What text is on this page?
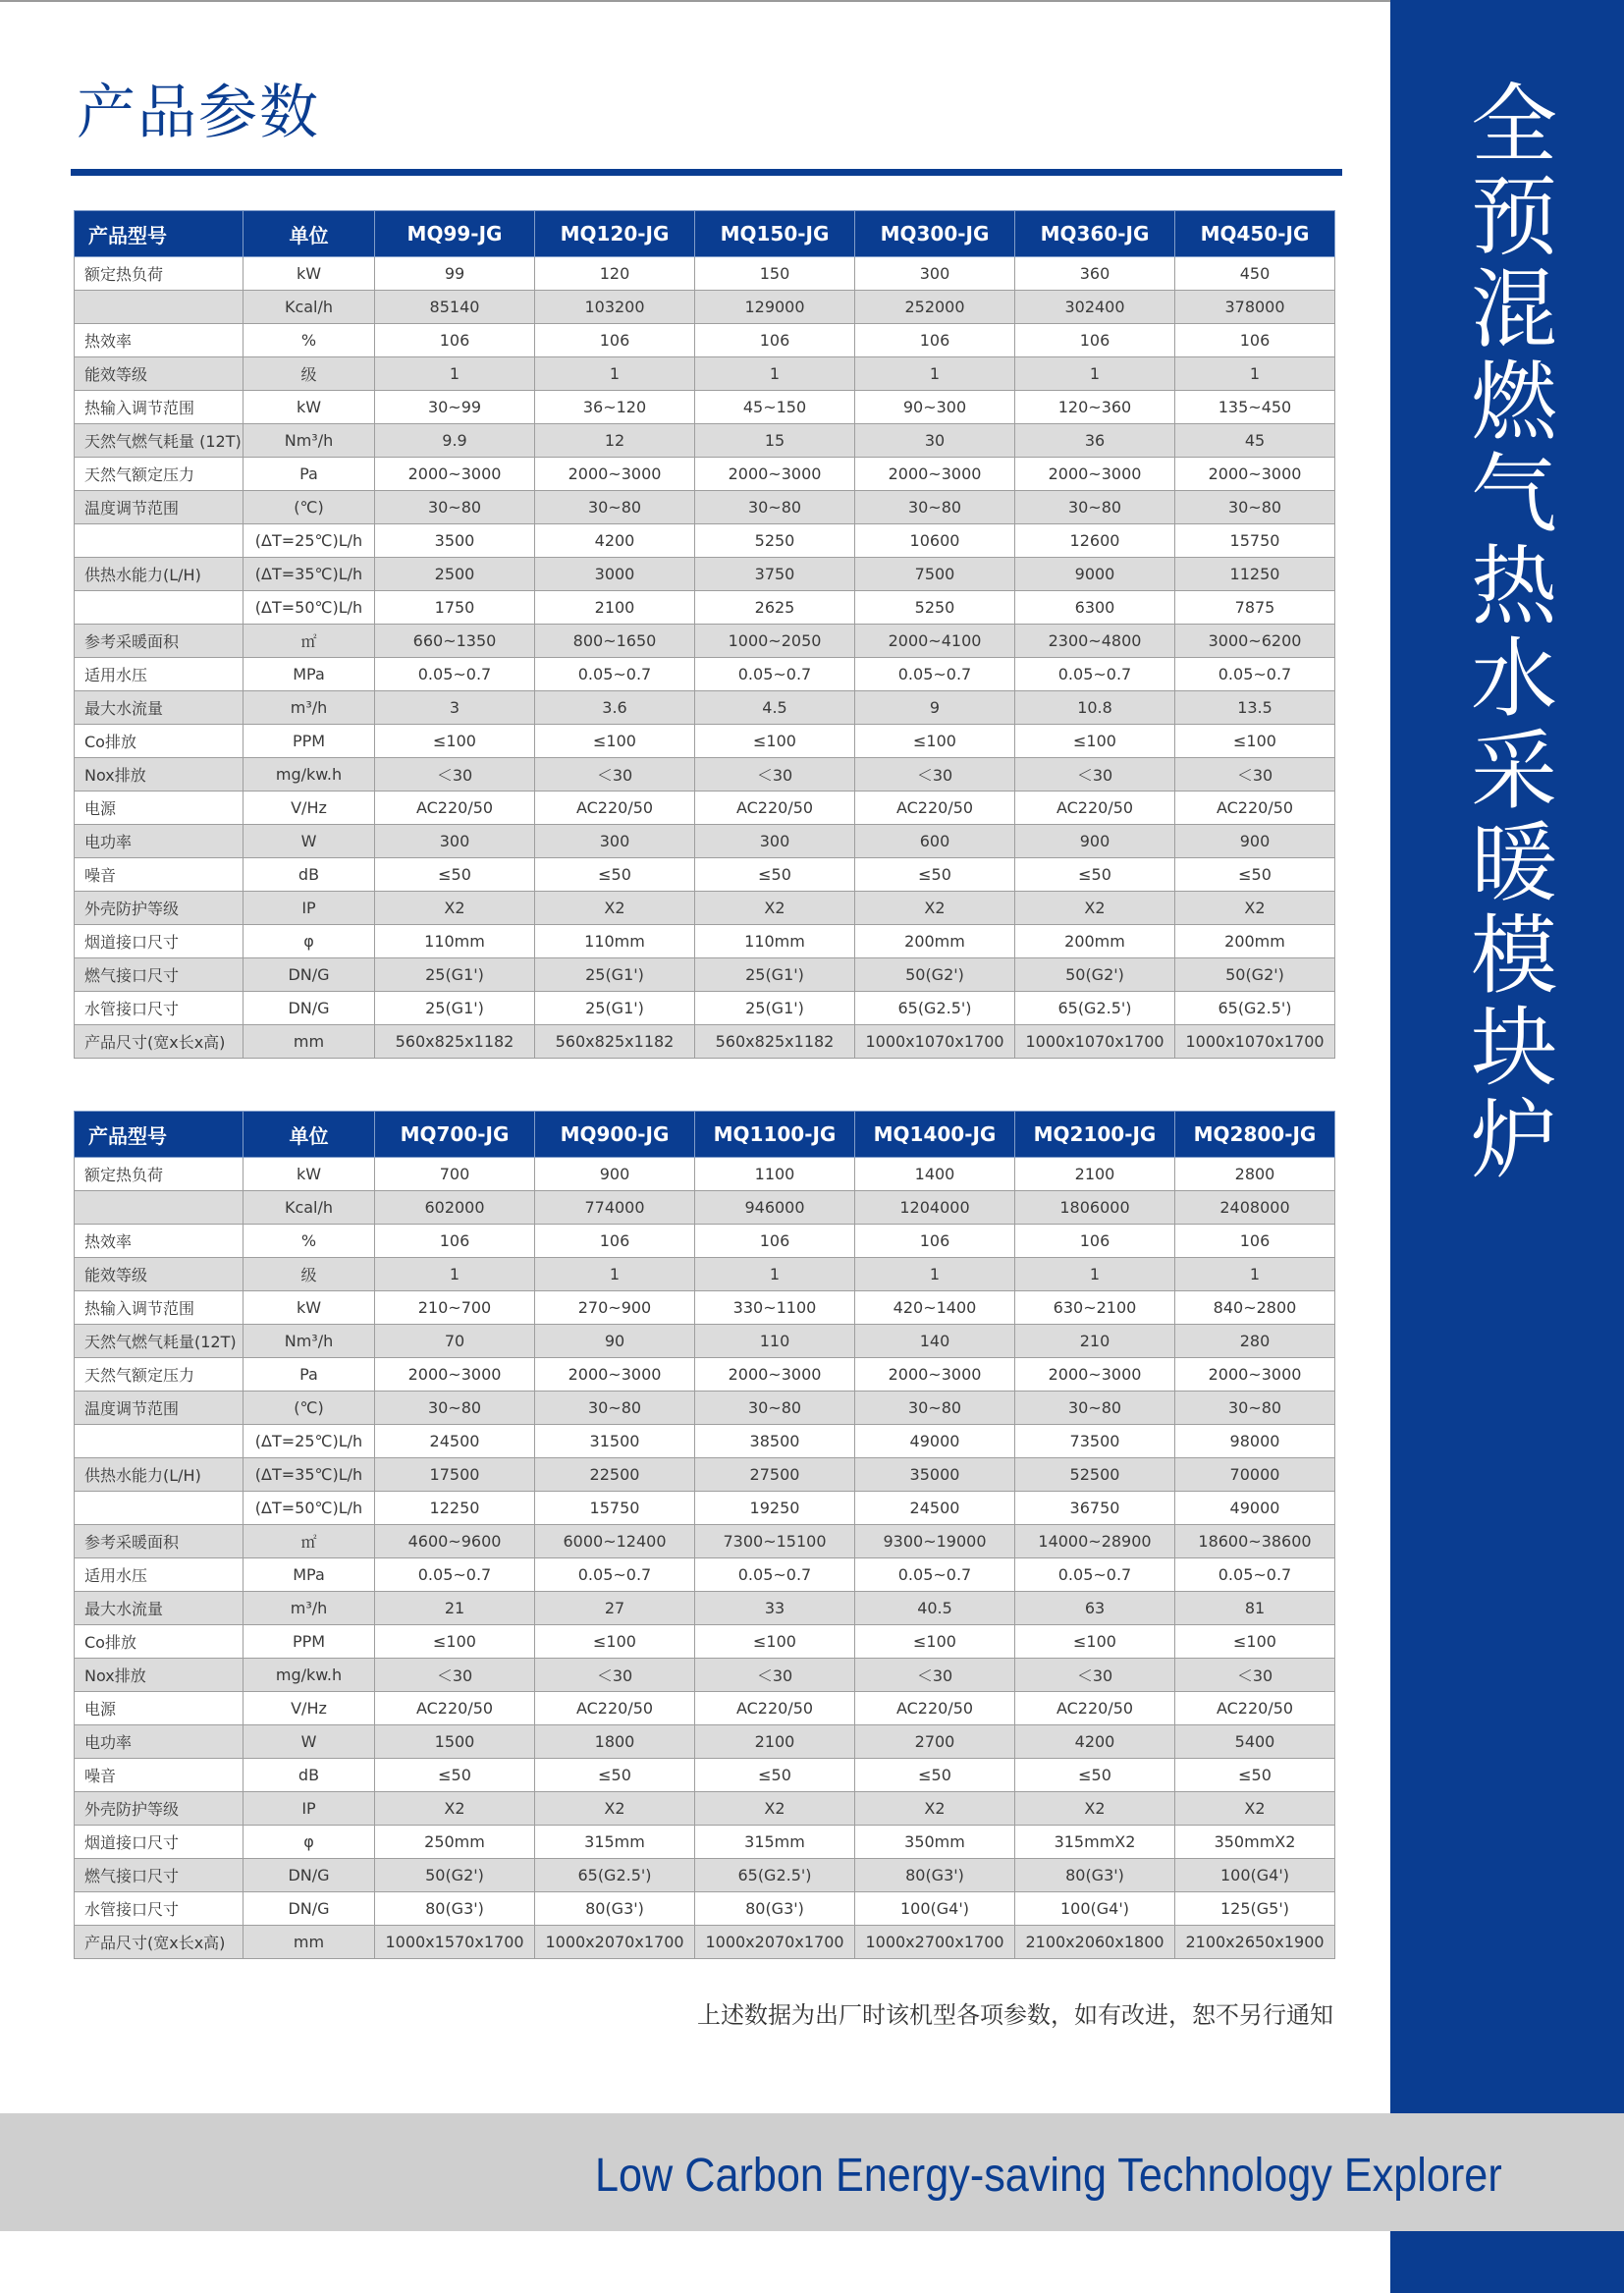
产品参数	全预混燃气热水采暖模块炉
产品型号	单位	MQ99-JG	MQ120-JG	MQ150-JG	MQ300-JG	MQ360-JG	MQ450-JG
额定热负荷	kW	99	120	150	300	360	450
	Kcal/h	85140	103200	129000	252000	302400	378000
热效率	%	106	106	106	106	106	106
能效等级	级	1	1	1	1	1	1
热输入调节范围	kW	30~99	36~120	45~150	90~300	120~360	135~450
天然气燃气耗量 (12T)	Nm³/h	9.9	12	15	30	36	45
天然气额定压力	Pa	2000~3000	2000~3000	2000~3000	2000~3000	2000~3000	2000~3000
温度调节范围	(℃)	30~80	30~80	30~80	30~80	30~80	30~80
	(ΔT=25℃)L/h	3500	4200	5250	10600	12600	15750
供热水能力(L/H)	(ΔT=35℃)L/h	2500	3000	3750	7500	9000	11250
	(ΔT=50℃)L/h	1750	2100	2625	5250	6300	7875
参考采暖面积	㎡	660~1350	800~1650	1000~2050	2000~4100	2300~4800	3000~6200
适用水压	MPa	0.05~0.7	0.05~0.7	0.05~0.7	0.05~0.7	0.05~0.7	0.05~0.7
最大水流量	m³/h	3	3.6	4.5	9	10.8	13.5
Co排放	PPM	≤100	≤100	≤100	≤100	≤100	≤100
Nox排放	mg/kw.h	＜30	＜30	＜30	＜30	＜30	＜30
电源	V/Hz	AC220/50	AC220/50	AC220/50	AC220/50	AC220/50	AC220/50
电功率	W	300	300	300	600	900	900
噪音	dB	≤50	≤50	≤50	≤50	≤50	≤50
外壳防护等级	IP	X2	X2	X2	X2	X2	X2
烟道接口尺寸	φ	110mm	110mm	110mm	200mm	200mm	200mm
燃气接口尺寸	DN/G	25(G1')	25(G1')	25(G1')	50(G2')	50(G2')	50(G2')
水管接口尺寸	DN/G	25(G1')	25(G1')	25(G1')	65(G2.5')	65(G2.5')	65(G2.5')
产品尺寸(宽x长x高)	mm	560x825x1182	560x825x1182	560x825x1182	1000x1070x1700	1000x1070x1700	1000x1070x1700
产品型号	单位	MQ700-JG	MQ900-JG	MQ1100-JG	MQ1400-JG	MQ2100-JG	MQ2800-JG
额定热负荷	kW	700	900	1100	1400	2100	2800
	Kcal/h	602000	774000	946000	1204000	1806000	2408000
热效率	%	106	106	106	106	106	106
能效等级	级	1	1	1	1	1	1
热输入调节范围	kW	210~700	270~900	330~1100	420~1400	630~2100	840~2800
天然气燃气耗量(12T)	Nm³/h	70	90	110	140	210	280
天然气额定压力	Pa	2000~3000	2000~3000	2000~3000	2000~3000	2000~3000	2000~3000
温度调节范围	(℃)	30~80	30~80	30~80	30~80	30~80	30~80
	(ΔT=25℃)L/h	24500	31500	38500	49000	73500	98000
供热水能力(L/H)	(ΔT=35℃)L/h	17500	22500	27500	35000	52500	70000
	(ΔT=50℃)L/h	12250	15750	19250	24500	36750	49000
参考采暖面积	㎡	4600~9600	6000~12400	7300~15100	9300~19000	14000~28900	18600~38600
适用水压	MPa	0.05~0.7	0.05~0.7	0.05~0.7	0.05~0.7	0.05~0.7	0.05~0.7
最大水流量	m³/h	21	27	33	40.5	63	81
Co排放	PPM	≤100	≤100	≤100	≤100	≤100	≤100
Nox排放	mg/kw.h	＜30	＜30	＜30	＜30	＜30	＜30
电源	V/Hz	AC220/50	AC220/50	AC220/50	AC220/50	AC220/50	AC220/50
电功率	W	1500	1800	2100	2700	4200	5400
噪音	dB	≤50	≤50	≤50	≤50	≤50	≤50
外壳防护等级	IP	X2	X2	X2	X2	X2	X2
烟道接口尺寸	φ	250mm	315mm	315mm	350mm	315mmX2	350mmX2
燃气接口尺寸	DN/G	50(G2')	65(G2.5')	65(G2.5')	80(G3')	80(G3')	100(G4')
水管接口尺寸	DN/G	80(G3')	80(G3')	80(G3')	100(G4')	100(G4')	125(G5')
产品尺寸(宽x长x高)	mm	1000x1570x1700	1000x2070x1700	1000x2070x1700	1000x2700x1700	2100x2060x1800	2100x2650x1900

上述数据为出厂时该机型各项参数，如有改进，恕不另行通知

Low Carbon Energy-saving Technology Explorer
